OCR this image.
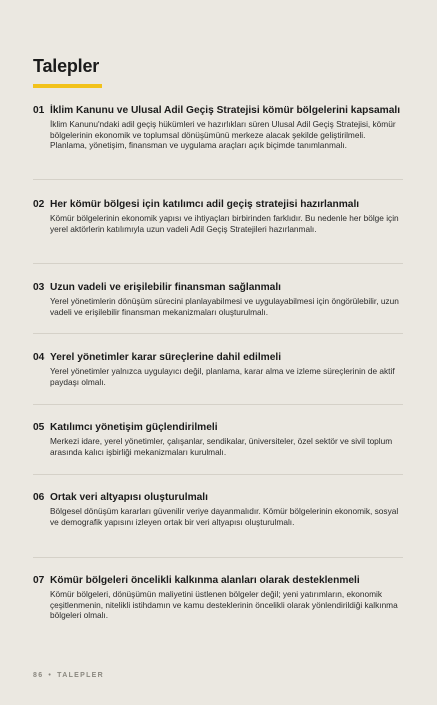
Talepler
01 İklim Kanunu ve Ulusal Adil Geçiş Stratejisi kömür bölgelerini kapsamalı
İklim Kanunu'ndaki adil geçiş hükümleri ve hazırlıkları süren Ulusal Adil Geçiş Stratejisi, kömür bölgelerinin ekonomik ve toplumsal dönüşümünü merkeze alacak şekilde geliştirilmeli. Planlama, yönetişim, finansman ve uygulama araçları açık biçimde tanımlanmalı.
02 Her kömür bölgesi için katılımcı adil geçiş stratejisi hazırlanmalı
Kömür bölgelerinin ekonomik yapısı ve ihtiyaçları birbirinden farklıdır. Bu nedenle her bölge için yerel aktörlerin katılımıyla uzun vadeli Adil Geçiş Stratejileri hazırlanmalı.
03 Uzun vadeli ve erişilebilir finansman sağlanmalı
Yerel yönetimlerin dönüşüm sürecini planlayabilmesi ve uygulayabilmesi için öngörülebilir, uzun vadeli ve erişilebilir finansman mekanizmaları oluşturulmalı.
04 Yerel yönetimler karar süreçlerine dahil edilmeli
Yerel yönetimler yalnızca uygulayıcı değil, planlama, karar alma ve izleme süreçlerinin de aktif paydaşı olmalı.
05 Katılımcı yönetişim güçlendirilmeli
Merkezi idare, yerel yönetimler, çalışanlar, sendikalar, üniversiteler, özel sektör ve sivil toplum arasında kalıcı işbirliği mekanizmaları kurulmalı.
06 Ortak veri altyapısı oluşturulmalı
Bölgesel dönüşüm kararları güvenilir veriye dayanmalıdır. Kömür bölgelerinin ekonomik, sosyal ve demografik yapısını izleyen ortak bir veri altyapısı oluşturulmalı.
07 Kömür bölgeleri öncelikli kalkınma alanları olarak desteklenmeli
Kömür bölgeleri, dönüşümün maliyetini üstlenen bölgeler değil; yeni yatırımların, ekonomik çeşitlenmenin, nitelikli istihdamın ve kamu desteklerinin öncelikli olarak yönlendirildiği kalkınma bölgeleri olmalı.
86 • TALEPLER
